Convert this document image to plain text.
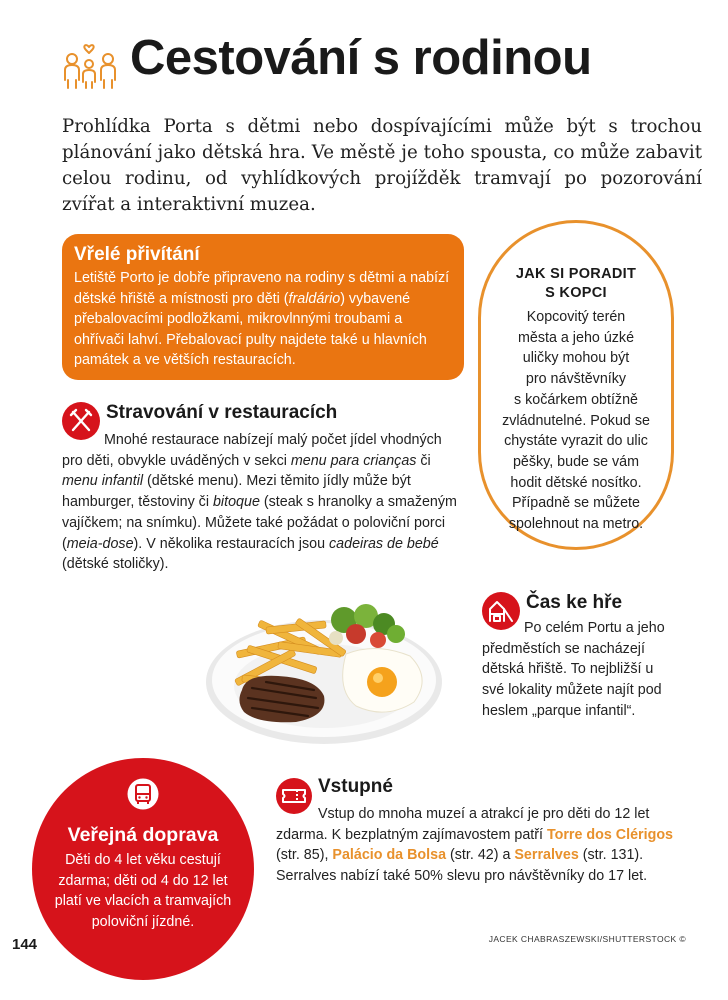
Cestování s rodinou

Prohlídka Porta s dětmi nebo dospívajícími může být s trochou plánování jako dětská hra. Ve městě je toho spousta, co může zabavit celou rodinu, od vyhlídkových projížděk tramvají po pozorování zvířat a interaktivní muzea.

Vřelé přivítání
Letiště Porto je dobře připraveno na rodiny s dětmi a nabízí dětské hřiště a místnosti pro děti (fraldário) vybavené přebalovacími podložkami, mikrovlnnými troubami a ohřívači lahví. Přebalovací pulty najdete také u hlavních památek a ve větších restauracích.
JAK SI PORADIT
S KOPCI
Kopcovitý terén
města a jeho úzké
uličky mohou být
pro návštěvníky
s kočárkem obtížně
zvládnutelné. Pokud se
chystáte vyrazit do ulic
pěšky, bude se vám
hodit dětské nosítko.
Případně se můžete
spolehnout na metro.
Stravování v restauracích

Mnohé restaurace nabízejí malý počet jídel vhodných pro děti, obvykle uváděných v sekci menu para crianças či menu infantil (dětské menu). Mezi těmito jídly může být hamburger, těstoviny či bitoque (steak s hranolky a smaženým vajíčkem; na snímku). Můžete také požádat o poloviční porci (meia-dose). V několika restauracích jsou cadeiras de bebé (dětské stoličky).

Čas ke hře

Po celém Portu a jeho předměstích se nacházejí dětská hřiště. To nejbližší u své lokality můžete najít pod heslem „parque infantil“.

Veřejná doprava
Děti do 4 let věku cestují zdarma; děti od 4 do 12 let platí ve vlacích a tramvajích poloviční jízdné.
Vstupné

Vstup do mnoha muzeí a atrakcí je pro děti do 12 let zdarma. K bezplatným zajímavostem patří Torre dos Clérigos (str. 85), Palácio da Bolsa (str. 42) a Serralves (str. 131). Serralves nabízí také 50% slevu pro návštěvníky do 17 let.

144	JACEK CHABRASZEWSKI/SHUTTERSTOCK ©
